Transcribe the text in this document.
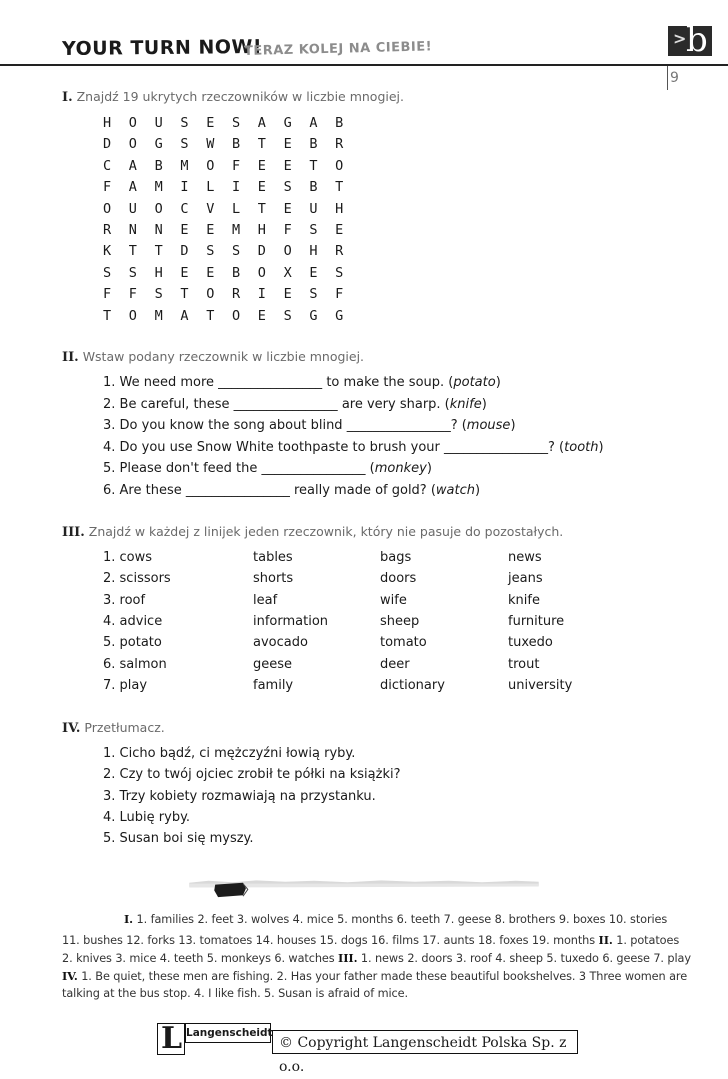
YOUR TURN NOW!
TERAZ KOLEJ NA CIEBIE!
> b
9
I. Znajdź 19 ukrytych rzeczowników w liczbie mnogiej.
H	O	U	S	E	S	A	G	A	B
D	O	G	S	W	B	T	E	B	R
C	A	B	M	O	F	E	E	T	O
F	A	M	I	L	I	E	S	B	T
O	U	O	C	V	L	T	E	U	H
R	N	N	E	E	M	H	F	S	E
K	T	T	D	S	S	D	O	H	R
S	S	H	E	E	B	O	X	E	S
F	F	S	T	O	R	I	E	S	F
T	O	M	A	T	O	E	S	G	G
II. Wstaw podany rzeczownik w liczbie mnogiej.
1. We need more ________________ to make the soup. (potato)
2. Be careful, these ________________ are very sharp. (knife)
3. Do you know the song about blind ________________? (mouse)
4. Do you use Snow White toothpaste to brush your ________________? (tooth)
5. Please don't feed the ________________ (monkey)
6. Are these ________________ really made of gold? (watch)
III. Znajdź w każdej z linijek jeden rzeczownik, który nie pasuje do pozostałych.
1. cows	tables	bags	news
2. scissors	shorts	doors	jeans
3. roof	leaf	wife	knife
4. advice	information	sheep	furniture
5. potato	avocado	tomato	tuxedo
6. salmon	geese	deer	trout
7. play	family	dictionary	university
IV. Przetłumacz.
1. Cicho bądź, ci mężczyźni łowią ryby.
2. Czy to twój ojciec zrobił te półki na książki?
3. Trzy kobiety rozmawiają na przystanku.
4. Lubię ryby.
5. Susan boi się myszy.
KLUCZ
I. 1. families 2. feet 3. wolves 4. mice 5. months 6. teeth 7. geese 8. brothers 9. boxes 10. stories
11. bushes 12. forks 13. tomatoes 14. houses 15. dogs 16. films 17. aunts 18. foxes 19. months II. 1. potatoes
2. knives 3. mice 4. teeth 5. monkeys 6. watches III. 1. news 2. doors 3. roof 4. sheep 5. tuxedo 6. geese 7. play
IV. 1. Be quiet, these men are fishing. 2. Has your father made these beautiful bookshelves. 3 Three women are
talking at the bus stop. 4. I like fish. 5. Susan is afraid of mice.
L Langenscheidt
© Copyright Langenscheidt Polska Sp. z o.o.
